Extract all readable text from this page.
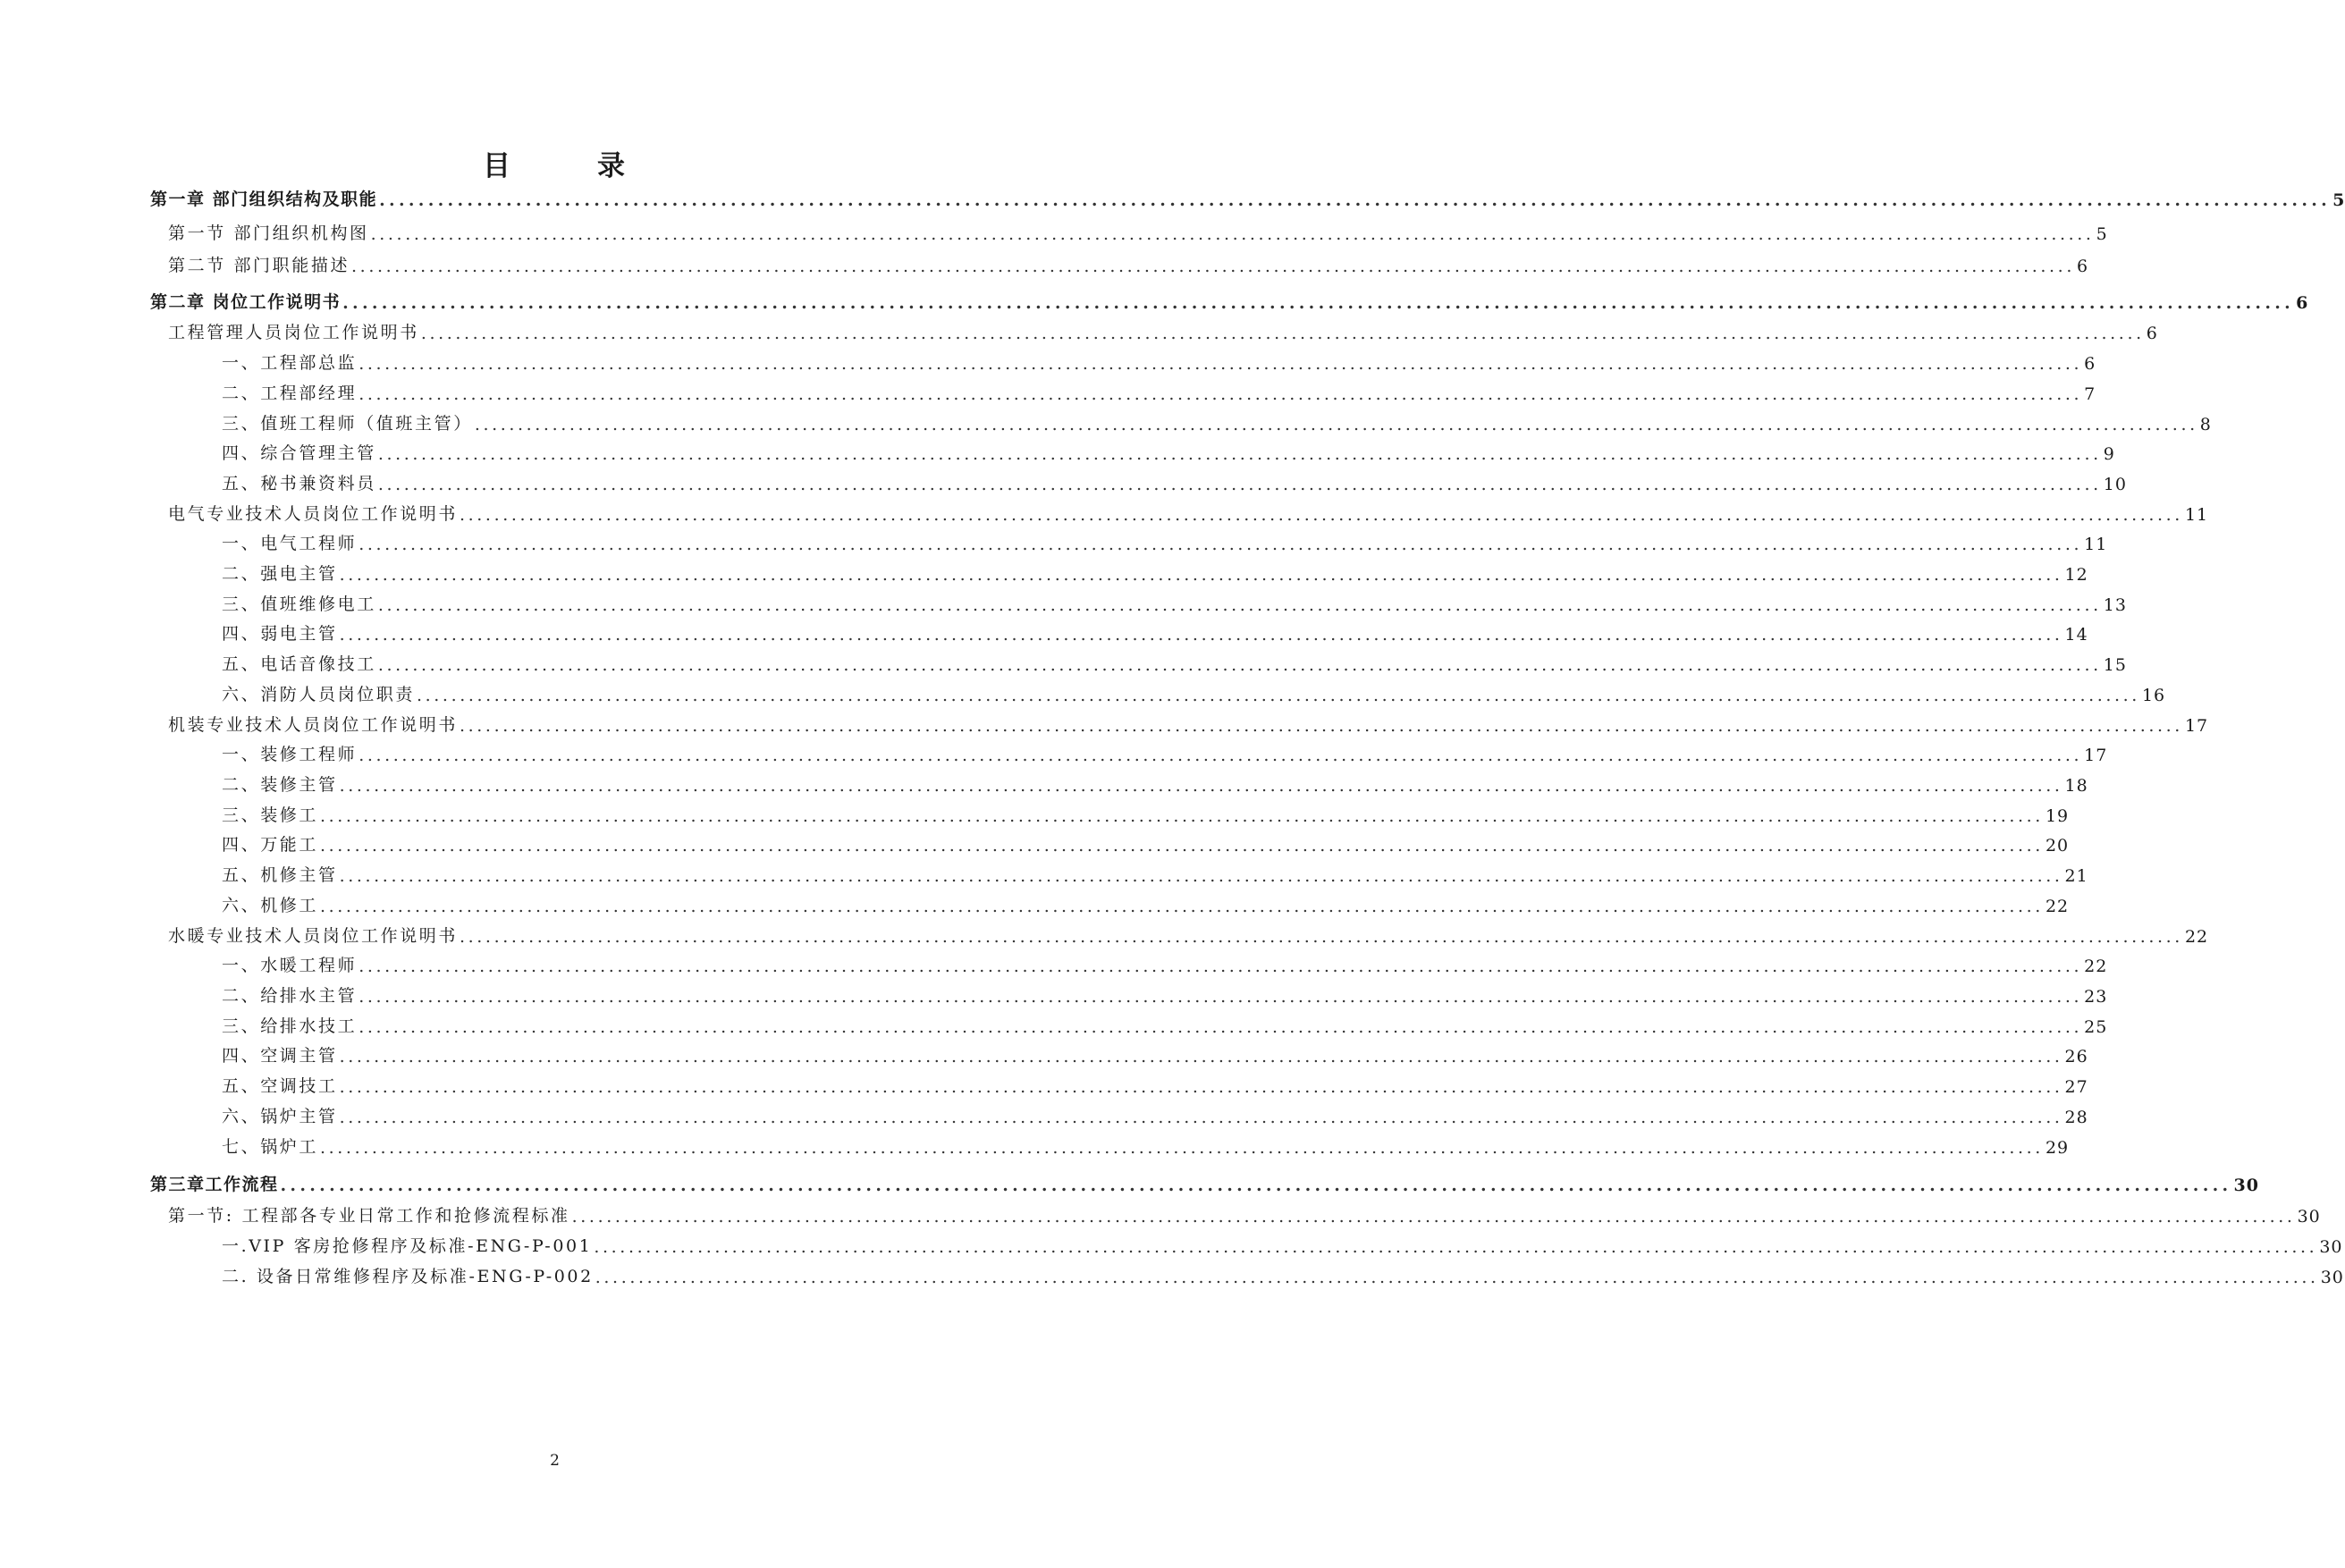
目	录
第一章 部门组织结构及职能 ........................................................................................................................................................................................................ 5
第一节 部门组织机构图 ........................................................................................................................................................................................................ 5
第二节 部门职能描述 ........................................................................................................................................................................................................ 6
第二章 岗位工作说明书 ........................................................................................................................................................................................................ 6
工程管理人员岗位工作说明书 ........................................................................................................................................................................................................ 6
一、工程部总监 ........................................................................................................................................................................................................ 6
二、工程部经理 ........................................................................................................................................................................................................ 7
三、值班工程师（值班主管） ........................................................................................................................................................................................................ 8
四、综合管理主管 ........................................................................................................................................................................................................ 9
五、秘书兼资料员 ........................................................................................................................................................................................................ 10
电气专业技术人员岗位工作说明书 ........................................................................................................................................................................................................ 11
一、电气工程师 ........................................................................................................................................................................................................ 11
二、强电主管 ........................................................................................................................................................................................................ 12
三、值班维修电工 ........................................................................................................................................................................................................ 13
四、弱电主管 ........................................................................................................................................................................................................ 14
五、电话音像技工 ........................................................................................................................................................................................................ 15
六、消防人员岗位职责 ........................................................................................................................................................................................................ 16
机装专业技术人员岗位工作说明书 ........................................................................................................................................................................................................ 17
一、装修工程师 ........................................................................................................................................................................................................ 17
二、装修主管 ........................................................................................................................................................................................................ 18
三、装修工 ........................................................................................................................................................................................................ 19
四、万能工 ........................................................................................................................................................................................................ 20
五、机修主管 ........................................................................................................................................................................................................ 21
六、机修工 ........................................................................................................................................................................................................ 22
水暖专业技术人员岗位工作说明书 ........................................................................................................................................................................................................ 22
一、水暖工程师 ........................................................................................................................................................................................................ 22
二、给排水主管 ........................................................................................................................................................................................................ 23
三、给排水技工 ........................................................................................................................................................................................................ 25
四、空调主管 ........................................................................................................................................................................................................ 26
五、空调技工 ........................................................................................................................................................................................................ 27
六、锅炉主管 ........................................................................................................................................................................................................ 28
七、锅炉工 ........................................................................................................................................................................................................ 29
第三章工作流程 ........................................................................................................................................................................................................ 30
第一节: 工程部各专业日常工作和抢修流程标准 ........................................................................................................................................................................................................ 30
一.VIP 客房抢修程序及标准-ENG-P-001 ........................................................................................................................................................................................................ 30
二. 设备日常维修程序及标准-ENG-P-002 ........................................................................................................................................................................................................ 30
2
